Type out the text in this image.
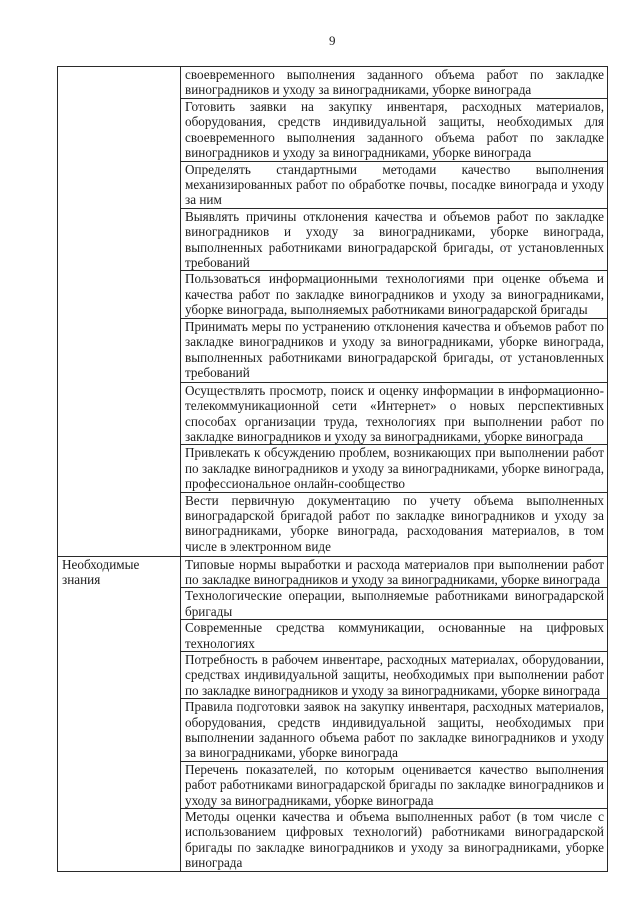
9
	своевременного выполнения заданного объема работ по закладке виноградников и уходу за виноградниками, уборке винограда
	Готовить заявки на закупку инвентаря, расходных материалов, оборудования, средств индивидуальной защиты, необходимых для своевременного выполнения заданного объема работ по закладке виноградников и уходу за виноградниками, уборке винограда
	Определять стандартными методами качество выполнения механизированных работ по обработке почвы, посадке винограда и уходу за ним
	Выявлять причины отклонения качества и объемов работ по закладке виноградников и уходу за виноградниками, уборке винограда, выполненных работниками виноградарской бригады, от установленных требований
	Пользоваться информационными технологиями при оценке объема и качества работ по закладке виноградников и уходу за виноградниками, уборке винограда, выполняемых работниками виноградарской бригады
	Принимать меры по устранению отклонения качества и объемов работ по закладке виноградников и уходу за виноградниками, уборке винограда, выполненных работниками виноградарской бригады, от установленных требований
	Осуществлять просмотр, поиск и оценку информации в информационно-телекоммуникационной сети «Интернет» о новых перспективных способах организации труда, технологиях при выполнении работ по закладке виноградников и уходу за виноградниками, уборке винограда
	Привлекать к обсуждению проблем, возникающих при выполнении работ по закладке виноградников и уходу за виноградниками, уборке винограда, профессиональное онлайн-сообщество
	Вести первичную документацию по учету объема выполненных виноградарской бригадой работ по закладке виноградников и уходу за виноградниками, уборке винограда, расходования материалов, в том числе в электронном виде

Необходимые знания	Типовые нормы выработки и расхода материалов при выполнении работ по закладке виноградников и уходу за виноградниками, уборке винограда
	Технологические операции, выполняемые работниками виноградарской бригады
	Современные средства коммуникации, основанные на цифровых технологиях
	Потребность в рабочем инвентаре, расходных материалах, оборудовании, средствах индивидуальной защиты, необходимых при выполнении работ по закладке виноградников и уходу за виноградниками, уборке винограда
	Правила подготовки заявок на закупку инвентаря, расходных материалов, оборудования, средств индивидуальной защиты, необходимых при выполнении заданного объема работ по закладке виноградников и уходу за виноградниками, уборке винограда
	Перечень показателей, по которым оценивается качество выполнения работ работниками виноградарской бригады по закладке виноградников и уходу за виноградниками, уборке винограда
	Методы оценки качества и объема выполненных работ (в том числе с использованием цифровых технологий) работниками виноградарской бригады по закладке виноградников и уходу за виноградниками, уборке винограда
